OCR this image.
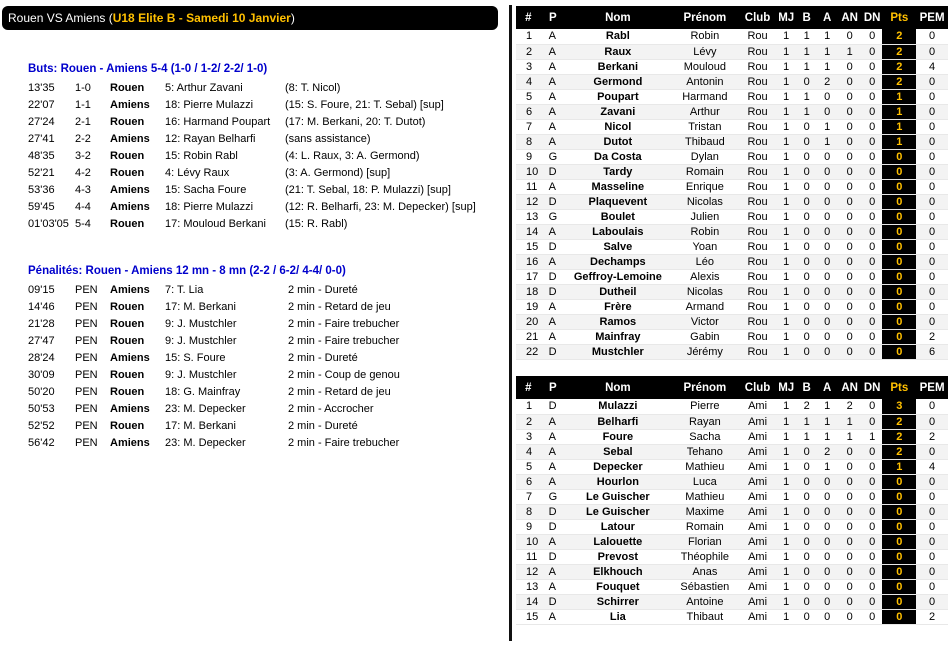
Rouen VS Amiens (U18 Elite B - Samedi 10 Janvier)
Buts: Rouen - Amiens 5-4 (1-0 / 1-2/ 2-2/ 1-0)
13'35	1-0	Rouen	5: Arthur Zavani	(8: T. Nicol)
22'07	1-1	Amiens	18: Pierre Mulazzi	(15: S. Foure, 21: T. Sebal) [sup]
27'24	2-1	Rouen	16: Harmand Poupart	(17: M. Berkani, 20: T. Dutot)
27'41	2-2	Amiens	12: Rayan Belharfi	(sans assistance)
48'35	3-2	Rouen	15: Robin Rabl	(4: L. Raux, 3: A. Germond)
52'21	4-2	Rouen	4: Lévy Raux	(3: A. Germond) [sup]
53'36	4-3	Amiens	15: Sacha Foure	(21: T. Sebal, 18: P. Mulazzi) [sup]
59'45	4-4	Amiens	18: Pierre Mulazzi	(12: R. Belharfi, 23: M. Depecker) [sup]
01'03'05	5-4	Rouen	17: Mouloud Berkani	(15: R. Rabl)
Pénalités: Rouen - Amiens 12 mn - 8 mn (2-2 / 6-2/ 4-4/ 0-0)
09'15	PEN	Amiens	7: T. Lia	2 min - Dureté
14'46	PEN	Rouen	17: M. Berkani	2 min - Retard de jeu
21'28	PEN	Rouen	9: J. Mustchler	2 min - Faire trebucher
27'47	PEN	Rouen	9: J. Mustchler	2 min - Faire trebucher
28'24	PEN	Amiens	15: S. Foure	2 min - Dureté
30'09	PEN	Rouen	9: J. Mustchler	2 min - Coup de genou
50'20	PEN	Rouen	18: G. Mainfray	2 min - Retard de jeu
50'53	PEN	Amiens	23: M. Depecker	2 min - Accrocher
52'52	PEN	Rouen	17: M. Berkani	2 min - Dureté
56'42	PEN	Amiens	23: M. Depecker	2 min - Faire trebucher
#	P	Nom	Prénom	Club	MJ	B	A	AN	DN	Pts	PEM
1	A	Rabl	Robin	Rou	1	1	1	0	0	2	0
2	A	Raux	Lévy	Rou	1	1	1	1	0	2	0
3	A	Berkani	Mouloud	Rou	1	1	1	0	0	2	4
4	A	Germond	Antonin	Rou	1	0	2	0	0	2	0
5	A	Poupart	Harmand	Rou	1	1	0	0	0	1	0
6	A	Zavani	Arthur	Rou	1	1	0	0	0	1	0
7	A	Nicol	Tristan	Rou	1	0	1	0	0	1	0
8	A	Dutot	Thibaud	Rou	1	0	1	0	0	1	0
9	G	Da Costa	Dylan	Rou	1	0	0	0	0	0	0
10	D	Tardy	Romain	Rou	1	0	0	0	0	0	0
11	A	Masseline	Enrique	Rou	1	0	0	0	0	0	0
12	D	Plaquevent	Nicolas	Rou	1	0	0	0	0	0	0
13	G	Boulet	Julien	Rou	1	0	0	0	0	0	0
14	A	Laboulais	Robin	Rou	1	0	0	0	0	0	0
15	D	Salve	Yoan	Rou	1	0	0	0	0	0	0
16	A	Dechamps	Léo	Rou	1	0	0	0	0	0	0
17	D	Geffroy-Lemoine	Alexis	Rou	1	0	0	0	0	0	0
18	D	Dutheil	Nicolas	Rou	1	0	0	0	0	0	0
19	A	Frère	Armand	Rou	1	0	0	0	0	0	0
20	A	Ramos	Victor	Rou	1	0	0	0	0	0	0
21	A	Mainfray	Gabin	Rou	1	0	0	0	0	0	2
22	D	Mustchler	Jérémy	Rou	1	0	0	0	0	0	6
#	P	Nom	Prénom	Club	MJ	B	A	AN	DN	Pts	PEM
1	D	Mulazzi	Pierre	Ami	1	2	1	2	0	3	0
2	A	Belharfi	Rayan	Ami	1	1	1	1	0	2	0
3	A	Foure	Sacha	Ami	1	1	1	1	1	2	2
4	A	Sebal	Tehano	Ami	1	0	2	0	0	2	0
5	A	Depecker	Mathieu	Ami	1	0	1	0	0	1	4
6	A	Hourlon	Luca	Ami	1	0	0	0	0	0	0
7	G	Le Guischer	Mathieu	Ami	1	0	0	0	0	0	0
8	D	Le Guischer	Maxime	Ami	1	0	0	0	0	0	0
9	D	Latour	Romain	Ami	1	0	0	0	0	0	0
10	A	Lalouette	Florian	Ami	1	0	0	0	0	0	0
11	D	Prevost	Théophile	Ami	1	0	0	0	0	0	0
12	A	Elkhouch	Anas	Ami	1	0	0	0	0	0	0
13	A	Fouquet	Sébastien	Ami	1	0	0	0	0	0	0
14	D	Schirrer	Antoine	Ami	1	0	0	0	0	0	0
15	A	Lia	Thibaut	Ami	1	0	0	0	0	0	2
